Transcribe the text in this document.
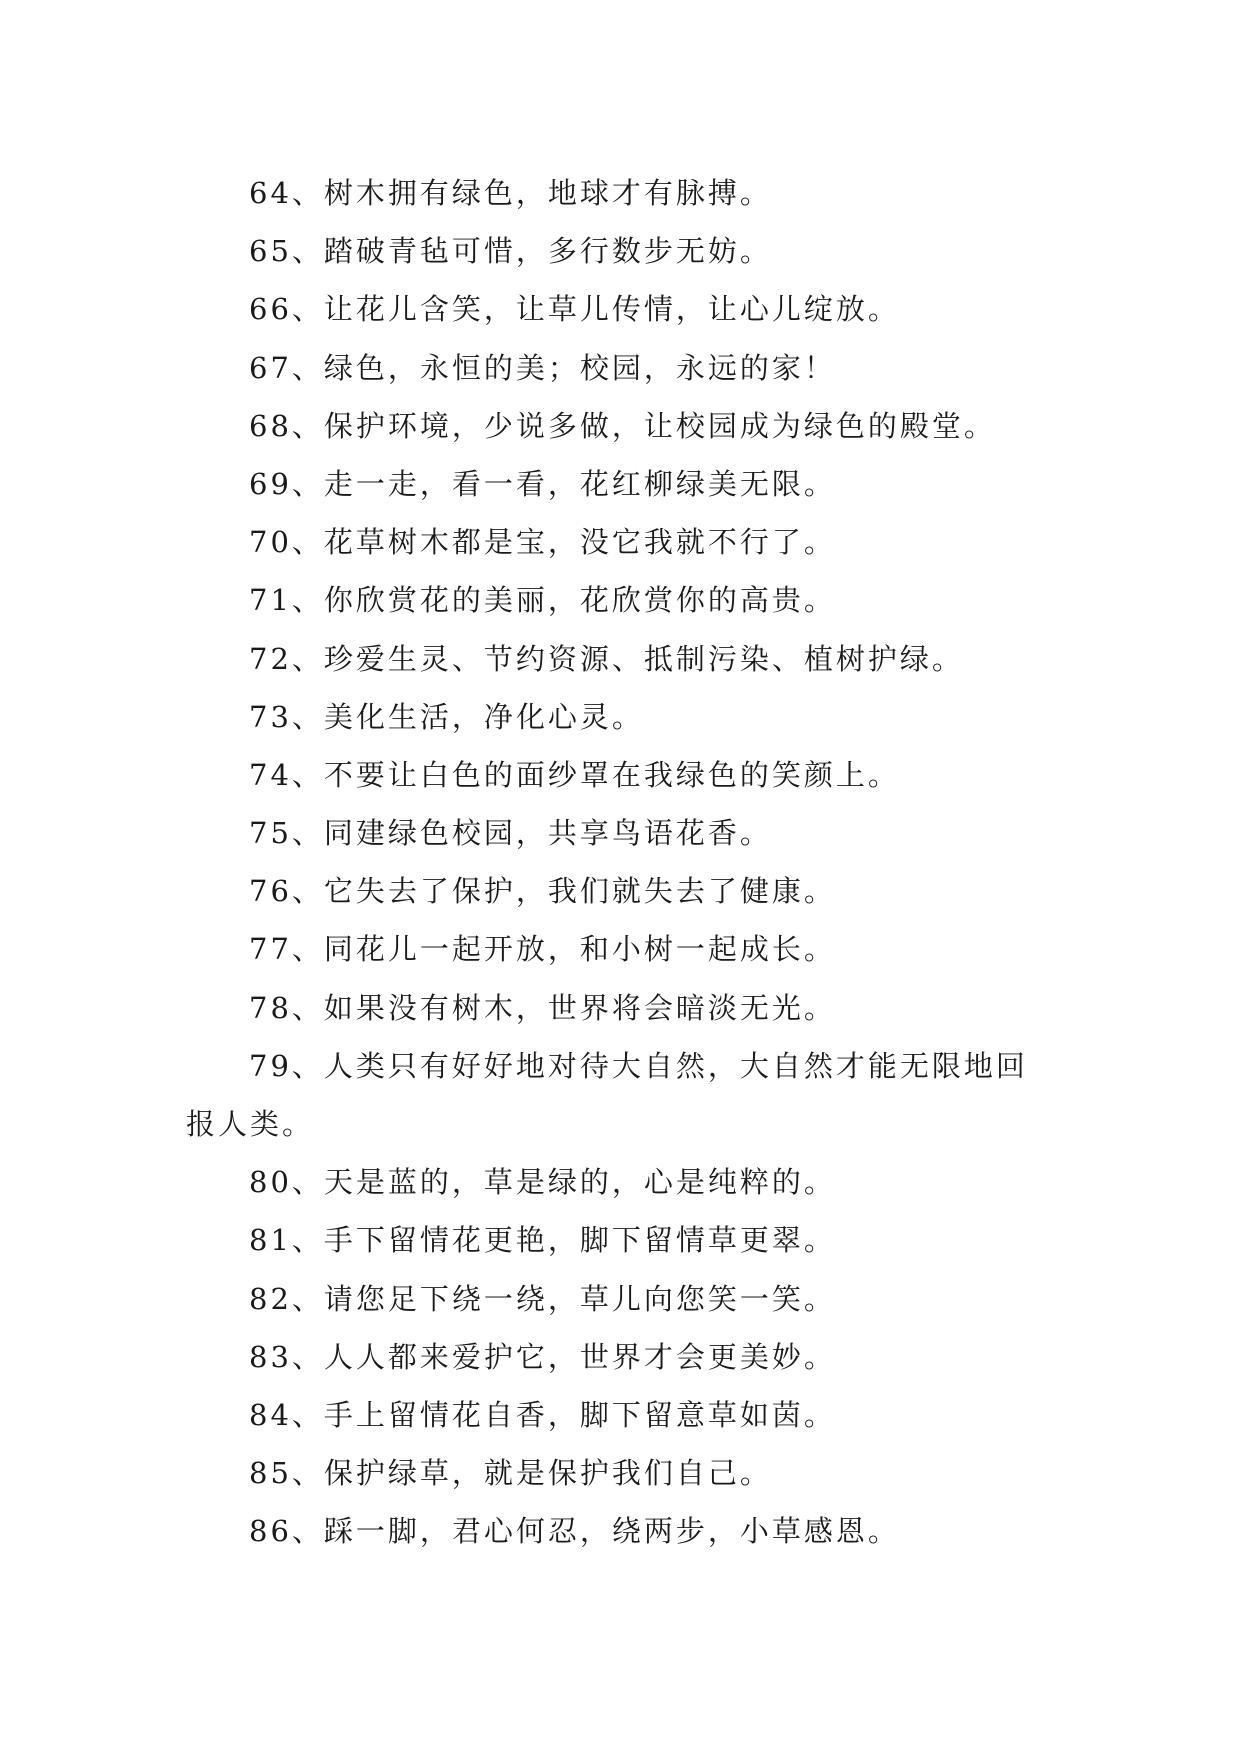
64、树木拥有绿色，地球才有脉搏。
65、踏破青毡可惜，多行数步无妨。
66、让花儿含笑，让草儿传情，让心儿绽放。
67、绿色，永恒的美；校园，永远的家！
68、保护环境，少说多做，让校园成为绿色的殿堂。
69、走一走，看一看，花红柳绿美无限。
70、花草树木都是宝，没它我就不行了。
71、你欣赏花的美丽，花欣赏你的高贵。
72、珍爱生灵、节约资源、抵制污染、植树护绿。
73、美化生活，净化心灵。
74、不要让白色的面纱罩在我绿色的笑颜上。
75、同建绿色校园，共享鸟语花香。
76、它失去了保护，我们就失去了健康。
77、同花儿一起开放，和小树一起成长。
78、如果没有树木，世界将会暗淡无光。
79、人类只有好好地对待大自然，大自然才能无限地回
报人类。
80、天是蓝的，草是绿的，心是纯粹的。
81、手下留情花更艳，脚下留情草更翠。
82、请您足下绕一绕，草儿向您笑一笑。
83、人人都来爱护它，世界才会更美妙。
84、手上留情花自香，脚下留意草如茵。
85、保护绿草，就是保护我们自己。
86、踩一脚，君心何忍，绕两步，小草感恩。
